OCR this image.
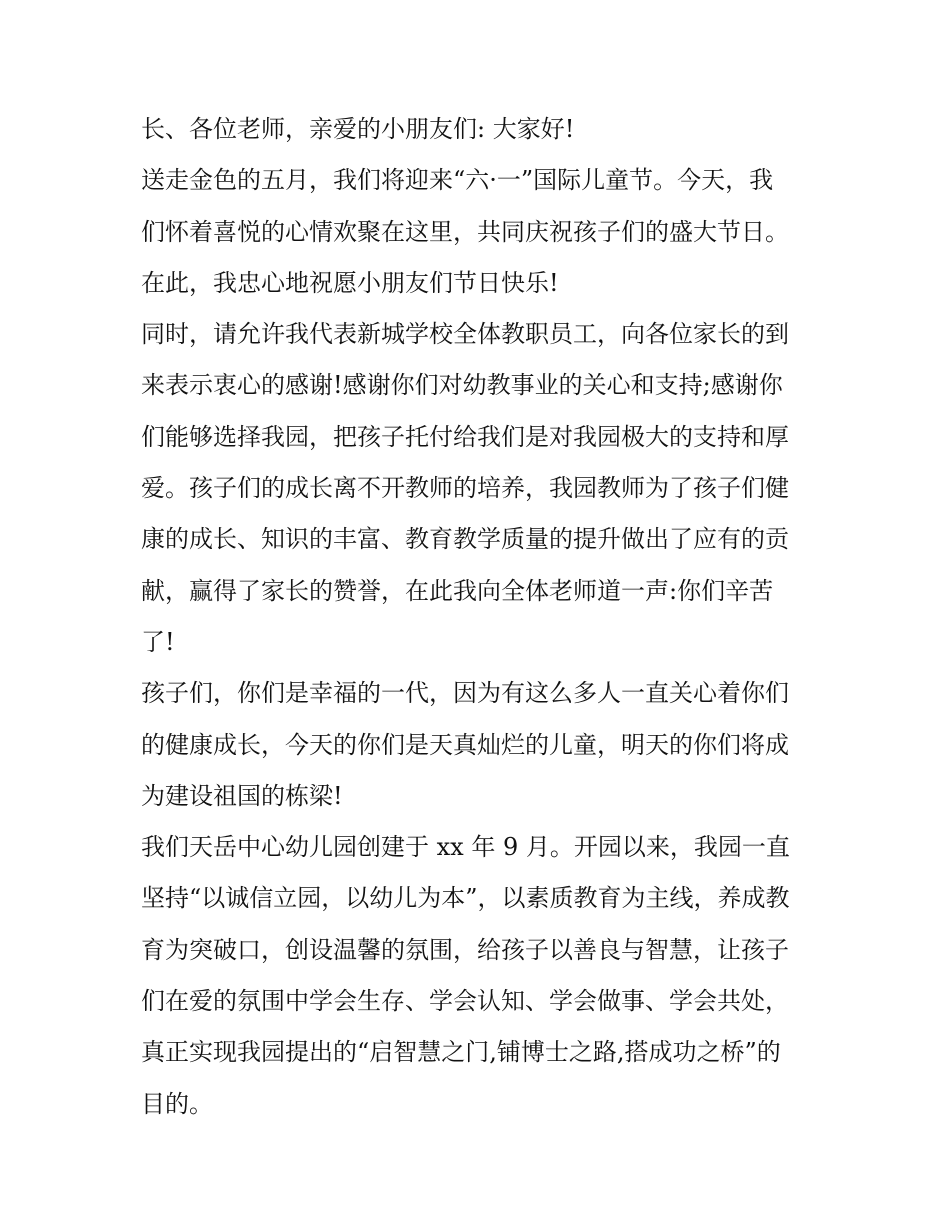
长、各位老师，亲爱的小朋友们: 大家好!

送走金色的五月，我们将迎来“六·一”国际儿童节。今天，我
们怀着喜悦的心情欢聚在这里，共同庆祝孩子们的盛大节日。
在此，我忠心地祝愿小朋友们节日快乐!

同时，请允许我代表新城学校全体教职员工，向各位家长的到
来表示衷心的感谢!感谢你们对幼教事业的关心和支持;感谢你
们能够选择我园，把孩子托付给我们是对我园极大的支持和厚
爱。孩子们的成长离不开教师的培养，我园教师为了孩子们健
康的成长、知识的丰富、教育教学质量的提升做出了应有的贡
献，赢得了家长的赞誉，在此我向全体老师道一声:你们辛苦
了!

孩子们，你们是幸福的一代，因为有这么多人一直关心着你们
的健康成长，今天的你们是天真灿烂的儿童，明天的你们将成
为建设祖国的栋梁!

我们天岳中心幼儿园创建于 xx 年 9 月。开园以来，我园一直
坚持“以诚信立园，以幼儿为本”，以素质教育为主线，养成教
育为突破口，创设温馨的氛围，给孩子以善良与智慧，让孩子
们在爱的氛围中学会生存、学会认知、学会做事、学会共处，
真正实现我园提出的“启智慧之门,铺博士之路,搭成功之桥”的
目的。
